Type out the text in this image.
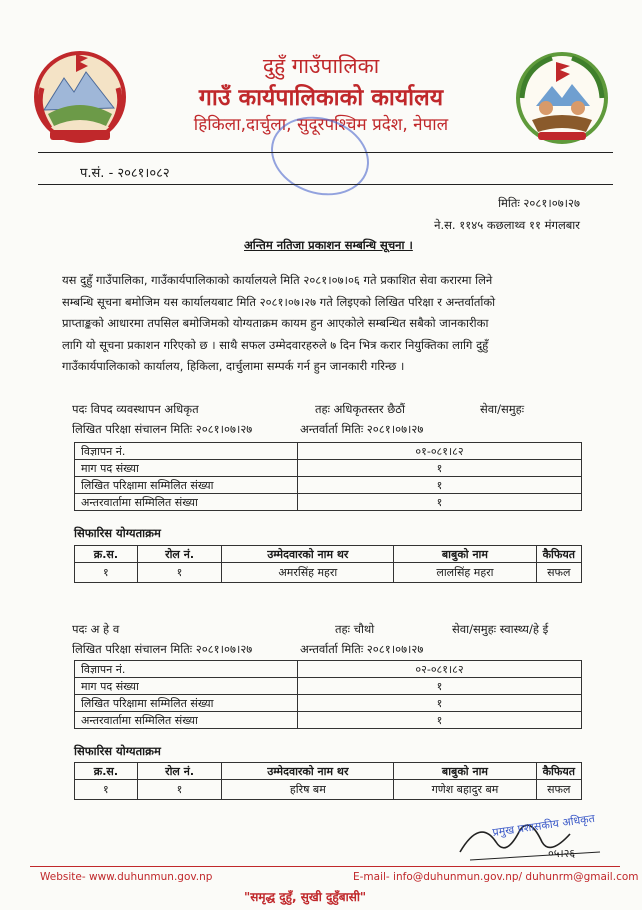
दुहुँ गाउँपालिका
गाउँ कार्यपालिकाको कार्यालय
हिकिला,दार्चुला, सुदूरपश्चिम प्रदेश, नेपाल
प.सं. - २०८१।०८२
मितिः २०८१।०७।२७
ने.स. ११४५ कछलाथ्व ११ मंगलबार
अन्तिम नतिजा प्रकाशन सम्बन्धि सूचना ।
यस दुहुँ गाउँपालिका, गाउँकार्यपालिकाको कार्यालयले मिति २०८१।०७।०६ गते प्रकाशित सेवा करारमा लिने
सम्बन्धि सूचना बमोजिम यस कार्यालयबाट मिति २०८१।०७।२७ गते लिइएको लिखित परिक्षा र अन्तर्वार्ताको
प्राप्ताङ्कको आधारमा तपसिल बमोजिमको योग्यताक्रम कायम हुन आएकोले सम्बन्धित सबैको जानकारीका
लागि यो सूचना प्रकाशन गरिएको छ । साथै सफल उम्मेदवारहरुले ७ दिन भित्र करार नियुक्तिका लागि दुहुँ
गाउँकार्यपालिकाको कार्यालय, हिकिला, दार्चुलामा सम्पर्क गर्न हुन जानकारी गरिन्छ ।
पदः विपद व्यवस्थापन अधिकृत	तहः अधिकृतस्तर छैठौं	सेवा/समुहः
लिखित परिक्षा संचालन मितिः २०८१।०७।२७	अन्तर्वार्ता मितिः २०८१।०७।२७
विज्ञापन नं.	०१-०८१।८२
माग पद संख्या	१
लिखित परिक्षामा सम्मिलित संख्या	१
अन्तरवार्तामा सम्मिलित संख्या	१
सिफारिस योग्यताक्रम
क्र.स.	रोल नं.	उम्मेदवारको नाम थर	बाबुको नाम	कैफियत
१	१	अमरसिंह महरा	लालसिंह महरा	सफल
पदः अ हे व	तहः चौथो	सेवा/समुहः स्वास्थ्य/हे ई
लिखित परिक्षा संचालन मितिः २०८१।०७।२७	अन्तर्वार्ता मितिः २०८१।०७।२७
विज्ञापन नं.	०२-०८१।८२
माग पद संख्या	१
लिखित परिक्षामा सम्मिलित संख्या	१
अन्तरवार्तामा सम्मिलित संख्या	१
सिफारिस योग्यताक्रम
क्र.स.	रोल नं.	उम्मेदवारको नाम थर	बाबुको नाम	कैफियत
१	१	हरिष बम	गणेश बहादुर बम	सफल
प्रमुख प्रशासकीय अधिकृत
०५।२६
Website- www.duhunmun.gov.np	E-mail- info@duhunmun.gov.np/ duhunrm@gmail.com
"समृद्ध दुहुँ, सुखी दुहुँबासी"
